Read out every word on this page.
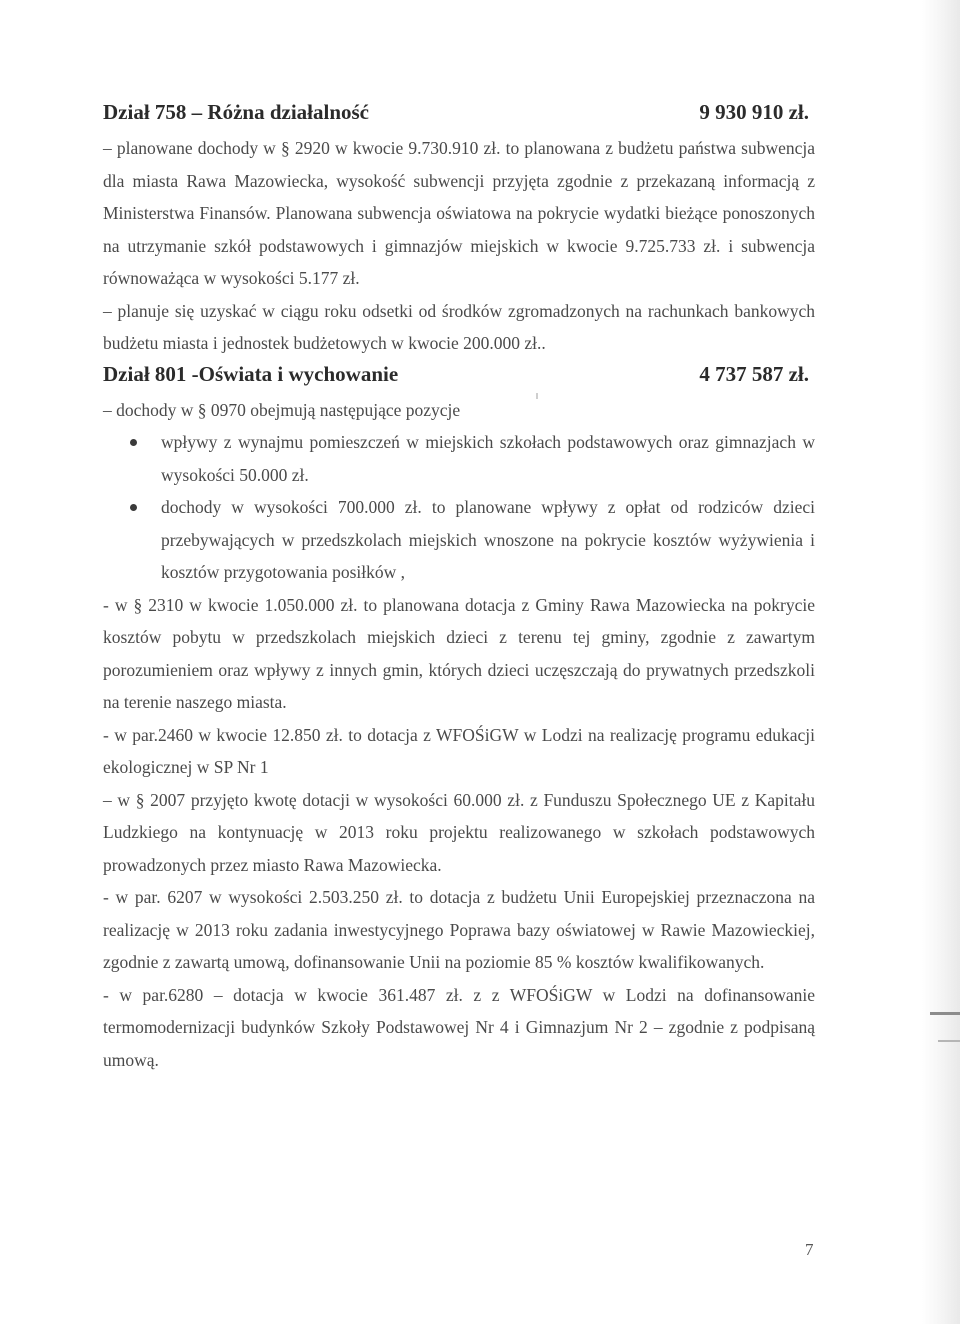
Dział 758 – Różna działalność	9 930 910 zł.

– planowane dochody w § 2920 w kwocie 9.730.910 zł. to planowana z budżetu państwa subwencja dla miasta Rawa Mazowiecka, wysokość subwencji przyjęta zgodnie z przekazaną informacją z Ministerstwa Finansów. Planowana subwencja oświatowa na pokrycie wydatki bieżące ponoszonych na utrzymanie szkół podstawowych i gimnazjów miejskich w kwocie 9.725.733 zł. i subwencja równoważąca w wysokości 5.177 zł.

– planuje się uzyskać w ciągu roku odsetki od środków zgromadzonych na rachunkach bankowych budżetu miasta i jednostek budżetowych w kwocie 200.000 zł..

Dział 801 -Oświata i wychowanie	4 737 587 zł.

– dochody w § 0970 obejmują następujące pozycje

wpływy z wynajmu pomieszczeń w miejskich szkołach podstawowych oraz gimnazjach w wysokości 50.000 zł.

dochody w wysokości 700.000 zł. to planowane wpływy z opłat od rodziców dzieci przebywających w przedszkolach miejskich wnoszone na pokrycie kosztów wyżywienia i kosztów przygotowania posiłków ,

- w § 2310 w kwocie 1.050.000 zł. to planowana dotacja z Gminy Rawa Mazowiecka na pokrycie kosztów pobytu w przedszkolach miejskich dzieci z terenu tej gminy, zgodnie z zawartym porozumieniem oraz wpływy z innych gmin, których dzieci uczęszczają do prywatnych przedszkoli na terenie naszego miasta.

- w par.2460 w kwocie 12.850 zł. to dotacja z WFOŚiGW w Lodzi na realizację programu edukacji ekologicznej w SP Nr 1

– w § 2007 przyjęto kwotę dotacji w wysokości 60.000 zł. z Funduszu Społecznego UE z Kapitału Ludzkiego na kontynuację w 2013 roku projektu realizowanego w szkołach podstawowych prowadzonych przez miasto Rawa Mazowiecka.

- w par. 6207 w wysokości 2.503.250 zł. to dotacja z budżetu Unii Europejskiej przeznaczona na realizację w 2013 roku zadania inwestycyjnego Poprawa bazy oświatowej w Rawie Mazowieckiej, zgodnie z zawartą umową, dofinansowanie Unii na poziomie 85 % kosztów kwalifikowanych.

- w par.6280 – dotacja w kwocie 361.487 zł. z z WFOŚiGW w Lodzi na dofinansowanie termomodernizacji budynków Szkoły Podstawowej Nr 4 i Gimnazjum Nr 2 – zgodnie z podpisaną umową.

7
